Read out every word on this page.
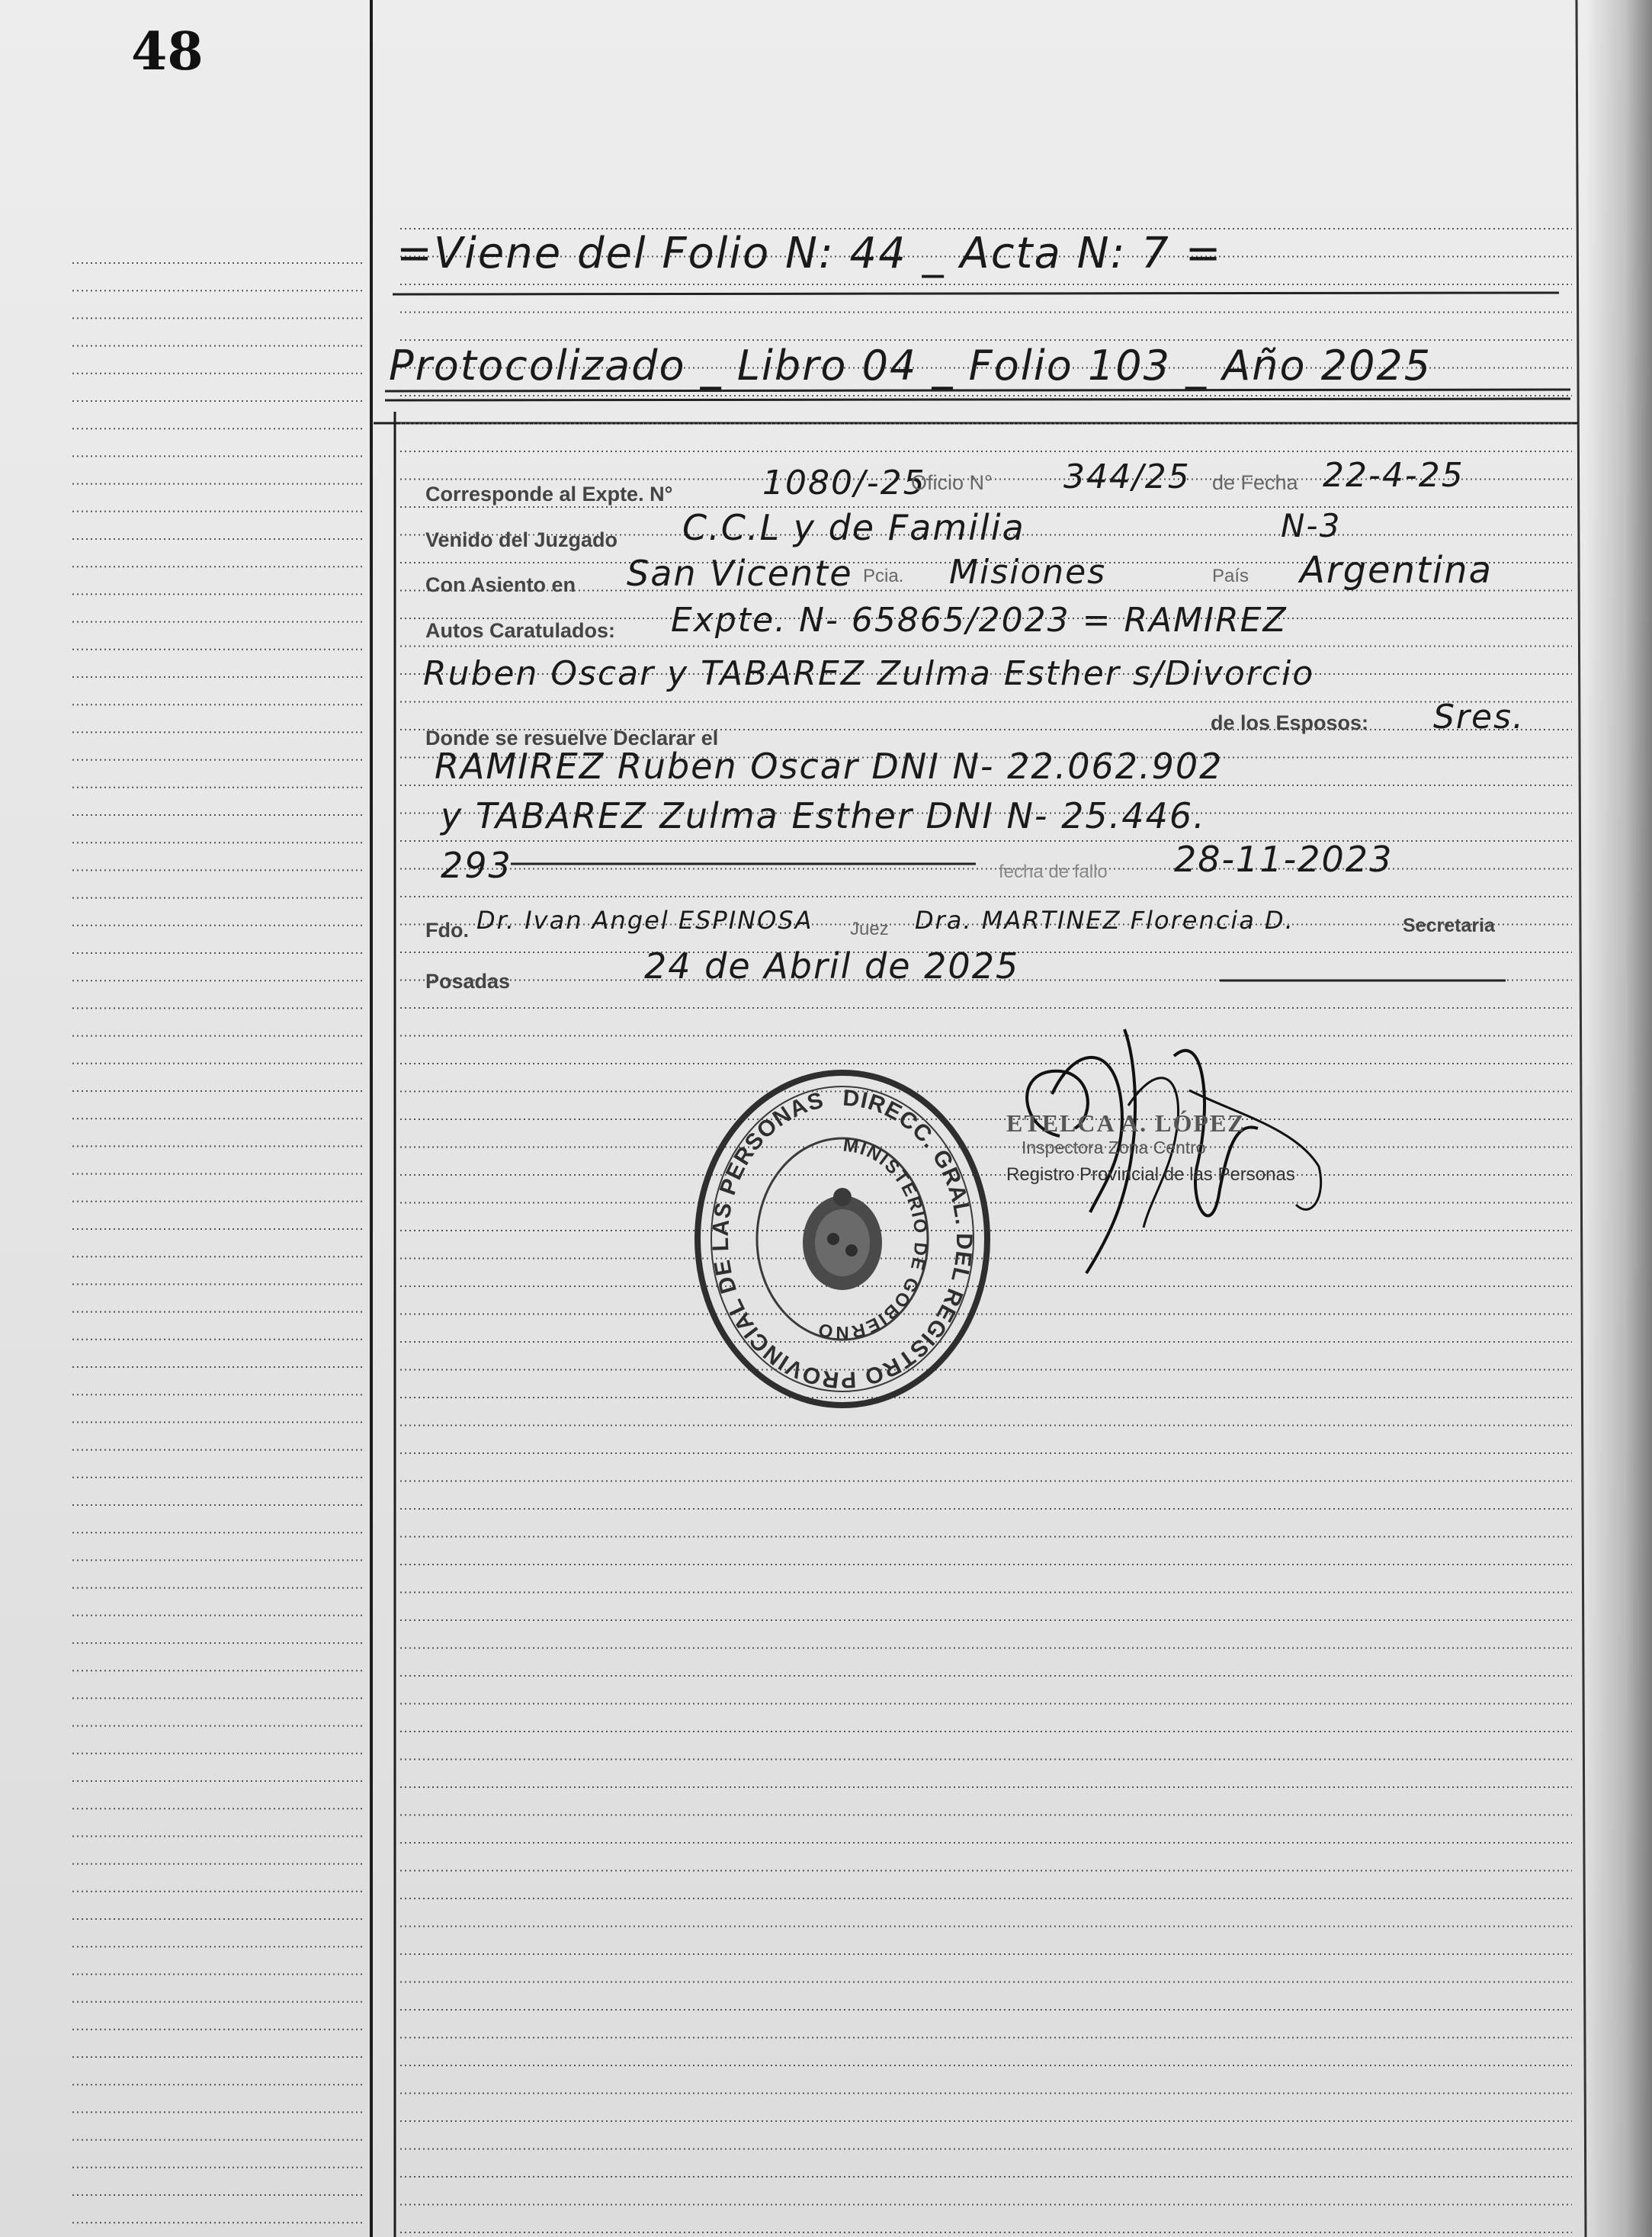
48
=Viene del Folio N: 44 _ Acta N: 7 =
Protocolizado _ Libro 04 _ Folio 103 _ Año 2025
Corresponde al Expte. N°	1080/-25
Oficio N° 344/25 de Fecha 22-4-25
Venido del Juzgado C.C.L y de Familia	N-3
Con Asiento en San Vicente Pcia. Misiones	País Argentina
Autos Caratulados: Expte. N- 65865/2023 = RAMIREZ
Ruben Oscar y TABAREZ Zulma Esther s/Divorcio
Donde se resuelve Declarar el
de los Esposos: Sres.
RAMIREZ Ruben Oscar DNI N- 22.062.902
y TABAREZ Zulma Esther DNI N- 25.446.
293	fecha de fallo 28-11-2023
Fdo. Dr. Ivan Angel ESPINOSA Juez Dra. MARTINEZ Florencia D.	Secretaria
Posadas	24 de Abril de 2025
DIRECC. GRAL. DEL REGISTRO PROVINCIAL DE LAS PERSONAS
MINISTERIO DE GOBIERNO
ETELCA A. LÓPEZ
Inspectora Zona Centro
Registro Provincial de las Personas
